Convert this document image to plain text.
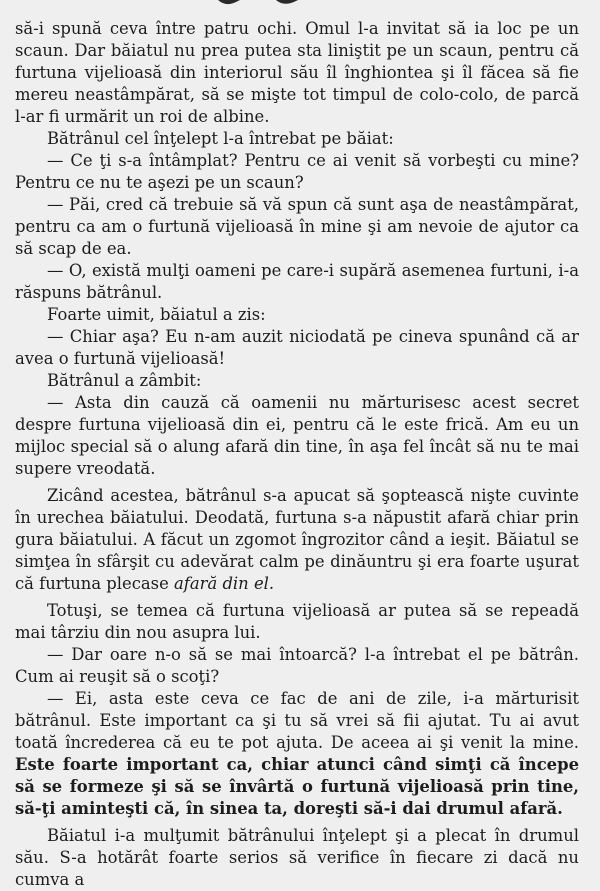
să-i spună ceva între patru ochi. Omul l-a invitat să ia loc pe un scaun. Dar băiatul nu prea putea sta liniştit pe un scaun, pentru că furtuna vijelioasă din interiorul său îl înghiontea şi îl făcea să fie mereu neastâmpărat, să se mişte tot timpul de colo-colo, de parcă l-ar fi urmărit un roi de albine.

Bătrânul cel înţelept l-a întrebat pe băiat:

— Ce ţi s-a întâmplat? Pentru ce ai venit să vorbeşti cu mine? Pentru ce nu te aşezi pe un scaun?

— Păi, cred că trebuie să vă spun că sunt aşa de neastâmpărat, pentru ca am o furtună vijelioasă în mine şi am nevoie de ajutor ca să scap de ea.

— O, există mulţi oameni pe care-i supără asemenea furtuni, i-a răspuns bătrânul.

Foarte uimit, băiatul a zis:

— Chiar aşa? Eu n-am auzit niciodată pe cineva spunând că ar avea o furtună vijelioasă!

Bătrânul a zâmbit:

— Asta din cauză că oamenii nu mărturisesc acest secret despre furtuna vijelioasă din ei, pentru că le este frică. Am eu un mijloc special să o alung afară din tine, în aşa fel încât să nu te mai supere vreodată.

Zicând acestea, bătrânul s-a apucat să şoptească nişte cuvinte în urechea băiatului. Deodată, furtuna s-a năpustit afară chiar prin gura băiatului. A făcut un zgomot îngrozitor când a ieşit. Băiatul se simţea în sfârşit cu adevărat calm pe dinăuntru şi era foarte uşurat că furtuna plecase afară din el.

Totuşi, se temea că furtuna vijelioasă ar putea să se repeadă mai târziu din nou asupra lui.

— Dar oare n-o să se mai întoarcă? l-a întrebat el pe bătrân. Cum ai reuşit să o scoţi?

— Ei, asta este ceva ce fac de ani de zile, i-a mărturisit bătrânul. Este important ca şi tu să vrei să fii ajutat. Tu ai avut toată încrederea că eu te pot ajuta. De aceea ai şi venit la mine. Este foarte important ca, chiar atunci când simţi că începe să se formeze şi să se învârtă o furtună vijelioasă prin tine, să-ţi aminteşti că, în sinea ta, doreşti să-i dai drumul afară.

Băiatul i-a mulţumit bătrânului înţelept şi a plecat în drumul său. S-a hotărât foarte serios să verifice în fiecare zi dacă nu cumva a
